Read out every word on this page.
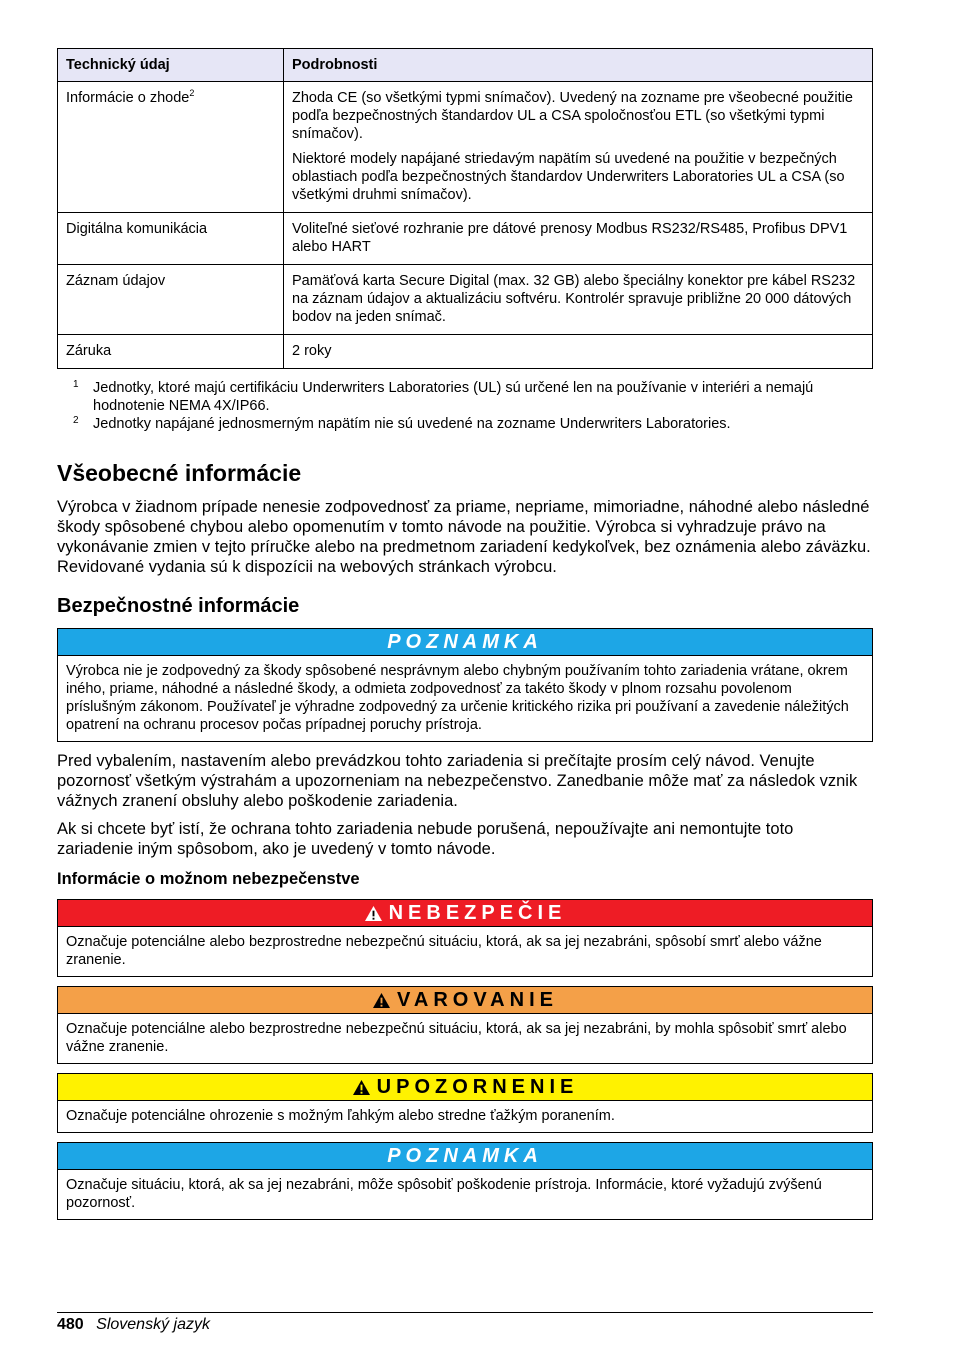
Technický údaj	Podrobnosti
Informácie o zhode$^2$	Zhoda CE (so všetkými typmi snímačov). Uvedený na zozname pre všeobecné použitie podľa bezpečnostných štandardov UL a CSA spoločnosťou ETL (so všetkými typmi snímačov).

Niektoré modely napájané striedavým napätím sú uvedené na použitie v bezpečných oblastiach podľa bezpečnostných štandardov Underwriters Laboratories UL a CSA (so všetkými druhmi snímačov).

Digitálna komunikácia	Voliteľné sieťové rozhranie pre dátové prenosy Modbus RS232/RS485, Profibus DPV1 alebo HART

Záznam údajov	Pamäťová karta Secure Digital (max. 32 GB) alebo špeciálny konektor pre kábel RS232 na záznam údajov a aktualizáciu softvéru. Kontrolér spravuje približne 20 000 dátových bodov na jeden snímač.

Záruka	2 roky

1 Jednotky, ktoré majú certifikáciu Underwriters Laboratories (UL) sú určené len na používanie v interiéri a nemajú hodnotenie NEMA 4X/IP66.
2 Jednotky napájané jednosmerným napätím nie sú uvedené na zozname Underwriters Laboratories.
Všeobecné informácie

Výrobca v žiadnom prípade nenesie zodpovednosť za priame, nepriame, mimoriadne, náhodné alebo následné škody spôsobené chybou alebo opomenutím v tomto návode na použitie. Výrobca si vyhradzuje právo na vykonávanie zmien v tejto príručke alebo na predmetnom zariadení kedykoľvek, bez oznámenia alebo záväzku. Revidované vydania sú k dispozícii na webových stránkach výrobcu.

Bezpečnostné informácie
POZNAMKA
Výrobca nie je zodpovedný za škody spôsobené nesprávnym alebo chybným používaním tohto zariadenia vrátane, okrem iného, priame, náhodné a následné škody, a odmieta zodpovednosť za takéto škody v plnom rozsahu povolenom príslušným zákonom. Používateľ je výhradne zodpovedný za určenie kritického rizika pri používaní a zavedenie náležitých opatrení na ochranu procesov počas prípadnej poruchy prístroja.

Pred vybalením, nastavením alebo prevádzkou tohto zariadenia si prečítajte prosím celý návod. Venujte pozornosť všetkým výstrahám a upozorneniam na nebezpečenstvo. Zanedbanie môže mať za následok vznik vážnych zranení obsluhy alebo poškodenie zariadenia.

Ak si chcete byť istí, že ochrana tohto zariadenia nebude porušená, nepoužívajte ani nemontujte toto zariadenie iným spôsobom, ako je uvedený v tomto návode.

Informácie o možnom nebezpečenstve
NEBEZPEČIE
Označuje potenciálne alebo bezprostredne nebezpečnú situáciu, ktorá, ak sa jej nezabráni, spôsobí smrť alebo vážne zranenie.
VAROVANIE
Označuje potenciálne alebo bezprostredne nebezpečnú situáciu, ktorá, ak sa jej nezabráni, by mohla spôsobiť smrť alebo vážne zranenie.
UPOZORNENIE
Označuje potenciálne ohrozenie s možným ľahkým alebo stredne ťažkým poranením.
POZNAMKA
Označuje situáciu, ktorá, ak sa jej nezabráni, môže spôsobiť poškodenie prístroja. Informácie, ktoré vyžadujú zvýšenú pozornosť.
480 Slovenský jazyk
